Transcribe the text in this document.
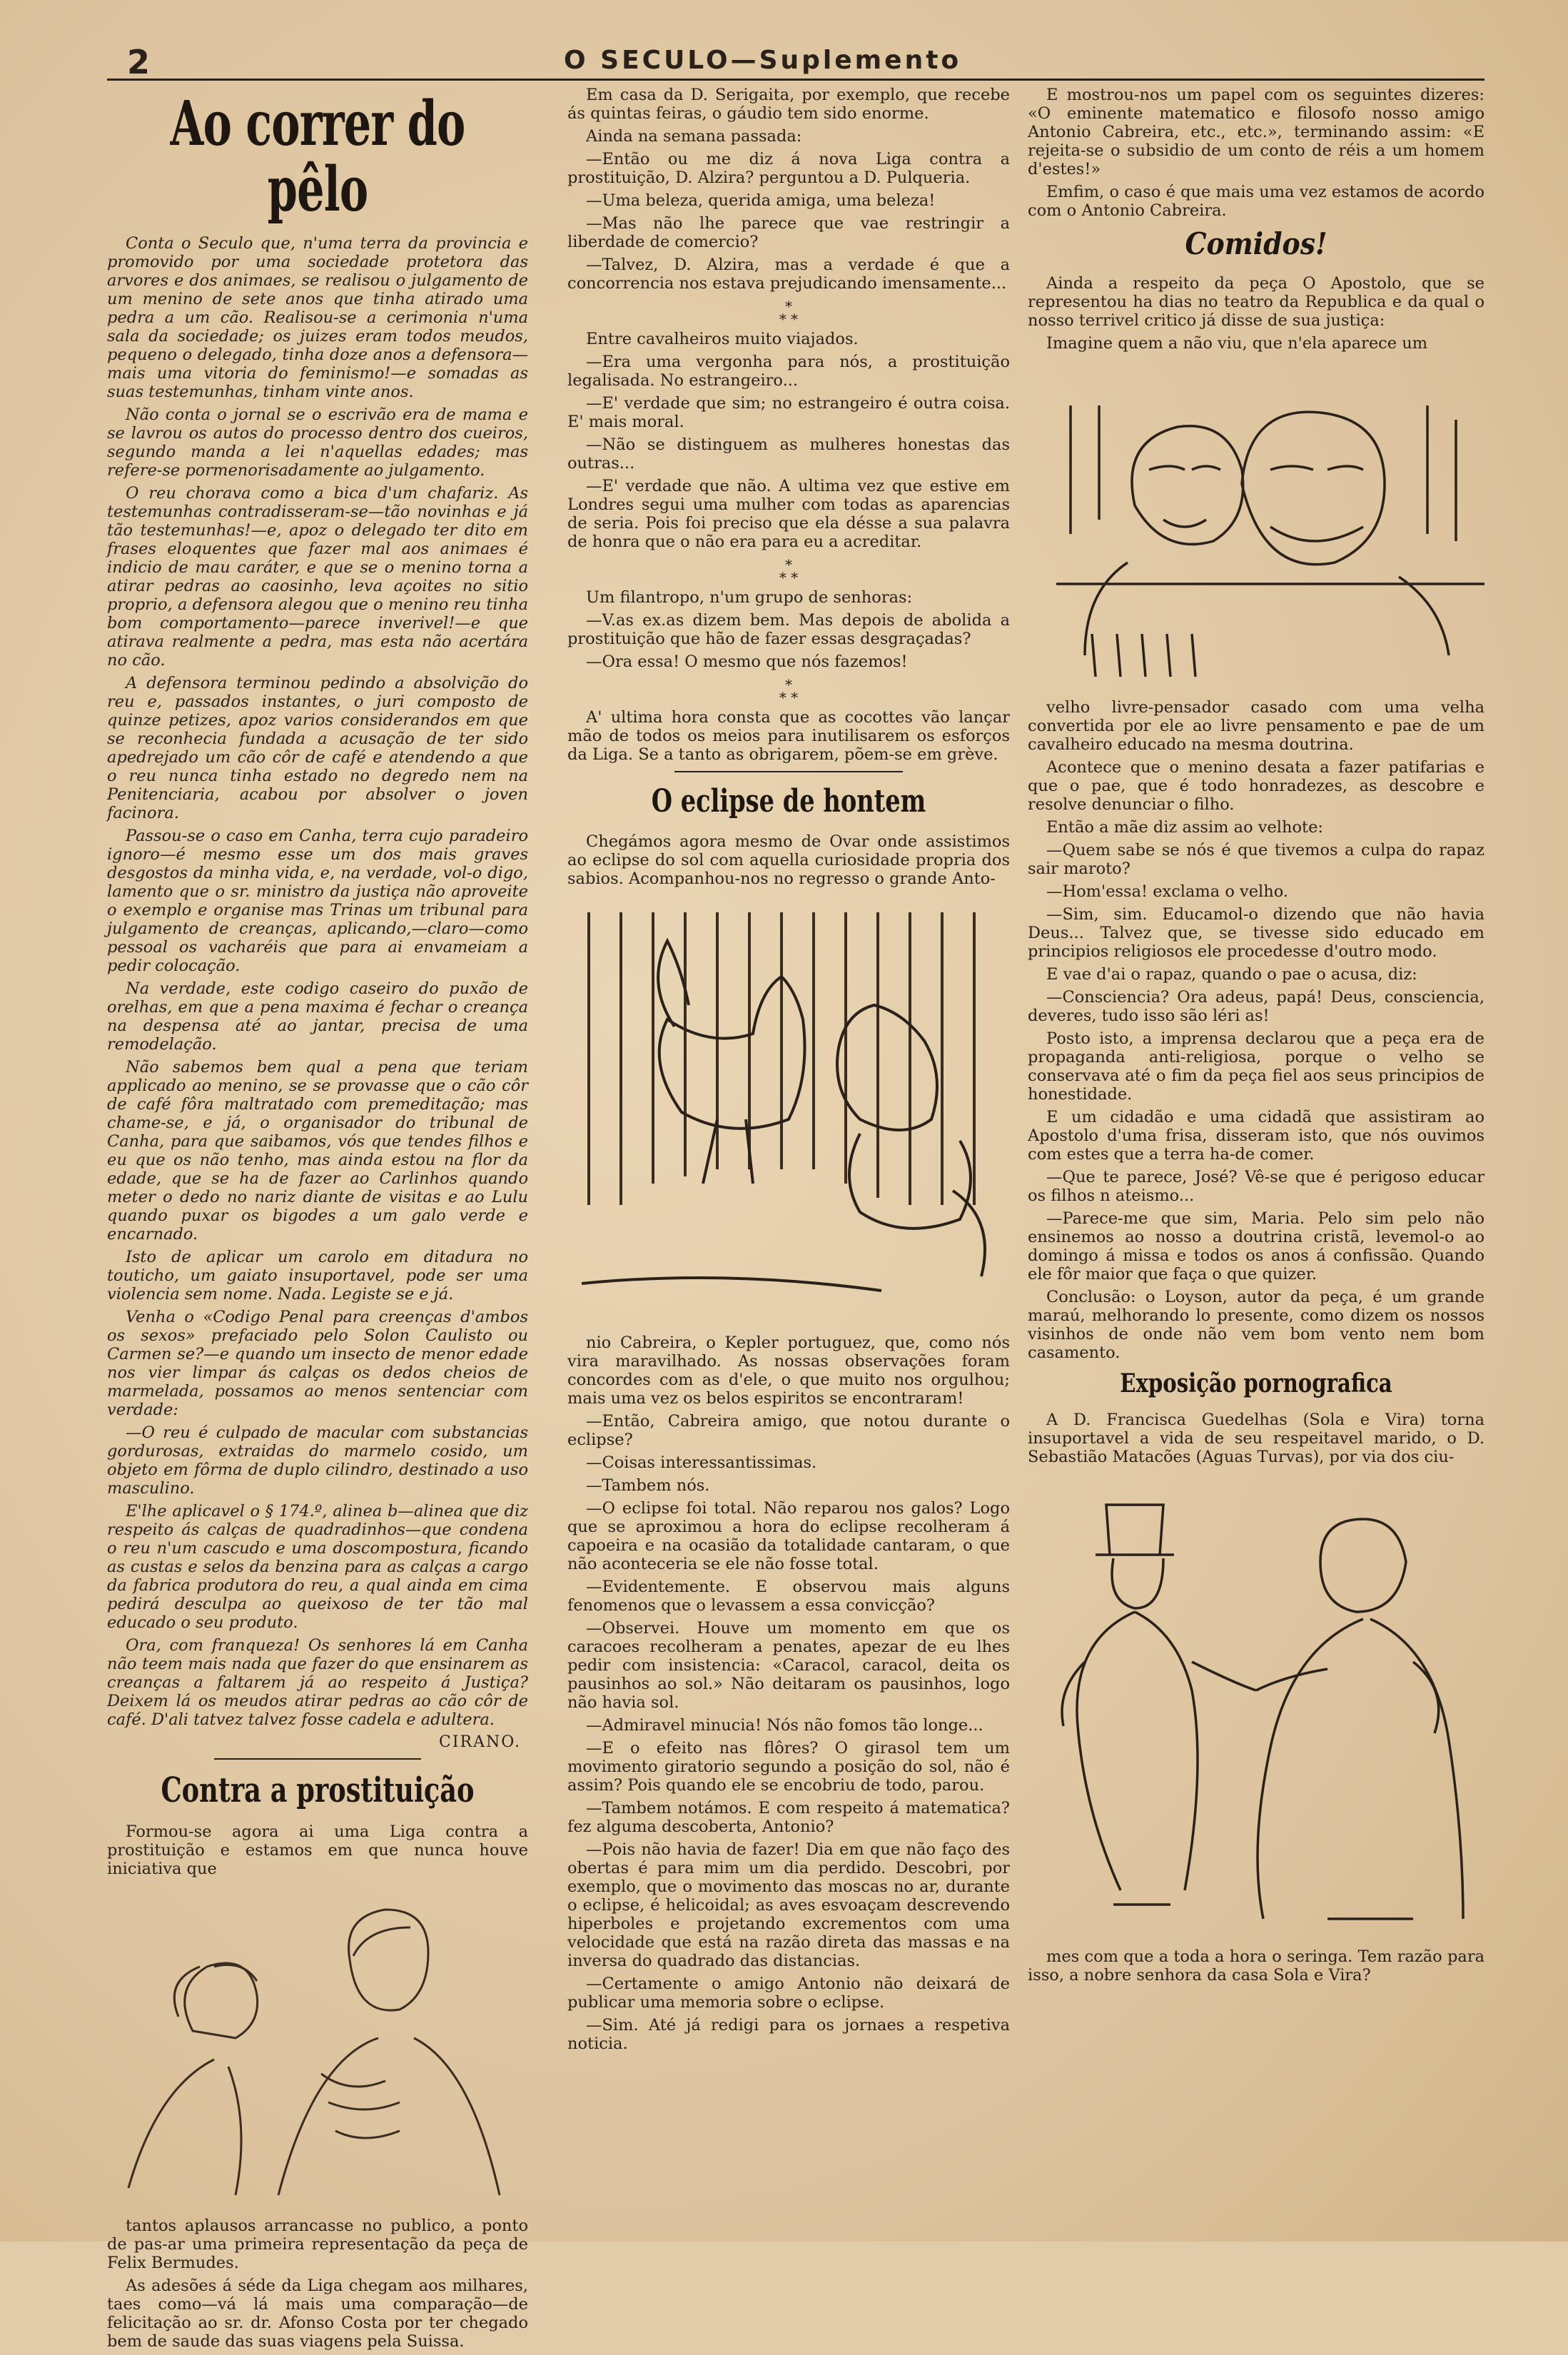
2	O SECULO—Suplemento
Ao correr do pêlo

Conta o Seculo que, n'uma terra da provincia e promovido por uma sociedade protetora das arvores e dos animaes, se realisou o julgamento de um menino de sete anos que tinha atirado uma pedra a um cão. Realisou-se a cerimonia n'uma sala da sociedade; os juizes eram todos meudos, pequeno o delegado, tinha doze anos a defensora—mais uma vitoria do feminismo!—e somadas as suas testemunhas, tinham vinte anos.

Não conta o jornal se o escrivão era de mama e se lavrou os autos do processo dentro dos cueiros, segundo manda a lei n'aquellas edades; mas refere-se pormenorisadamente ao julgamento.

O reu chorava como a bica d'um chafariz. As testemunhas contradisseram-se—tão novinhas e já tão testemunhas!—e, apoz o delegado ter dito em frases eloquentes que fazer mal aos animaes é indicio de mau caráter, e que se o menino torna a atirar pedras ao caosinho, leva açoites no sitio proprio, a defensora alegou que o menino reu tinha bom comportamento—parece inverivel!—e que atirava realmente a pedra, mas esta não acertára no cão.

A defensora terminou pedindo a absolvição do reu e, passados instantes, o juri composto de quinze petizes, apoz varios considerandos em que se reconhecia fundada a acusação de ter sido apedrejado um cão côr de café e atendendo a que o reu nunca tinha estado no degredo nem na Penitenciaria, acabou por absolver o joven facinora.

Passou-se o caso em Canha, terra cujo paradeiro ignoro—é mesmo esse um dos mais graves desgostos da minha vida, e, na verdade, vol-o digo, lamento que o sr. ministro da justiça não aproveite o exemplo e organise mas Trinas um tribunal para julgamento de creanças, aplicando,—claro—como pessoal os vacharéis que para ai envameiam a pedir colocação.

Na verdade, este codigo caseiro do puxão de orelhas, em que a pena maxima é fechar o creança na despensa até ao jantar, precisa de uma remodelação.

Não sabemos bem qual a pena que teriam applicado ao menino, se se provasse que o cão côr de café fôra maltratado com premeditação; mas chame-se, e já, o organisador do tribunal de Canha, para que saibamos, vós que tendes filhos e eu que os não tenho, mas ainda estou na flor da edade, que se ha de fazer ao Carlinhos quando meter o dedo no nariz diante de visitas e ao Lulu quando puxar os bigodes a um galo verde e encarnado.

Isto de aplicar um carolo em ditadura no touticho, um gaiato insuportavel, pode ser uma violencia sem nome. Nada. Legiste se e já.

Venha o «Codigo Penal para creenças d'ambos os sexos» prefaciado pelo Solon Caulisto ou Carmen se?—e quando um insecto de menor edade nos vier limpar ás calças os dedos cheios de marmelada, possamos ao menos sentenciar com verdade:

—O reu é culpado de macular com substancias gordurosas, extraidas do marmelo cosido, um objeto em fôrma de duplo cilindro, destinado a uso masculino.

E'lhe aplicavel o § 174.º, alinea b—alinea que diz respeito ás calças de quadradinhos—que condena o reu n'um cascudo e uma doscompostura, ficando as custas e selos da benzina para as calças a cargo da fabrica produtora do reu, a qual ainda em cima pedirá desculpa ao queixoso de ter tão mal educado o seu produto.

Ora, com franqueza! Os senhores lá em Canha não teem mais nada que fazer do que ensinarem as creanças a faltarem já ao respeito á Justiça? Deixem lá os meudos atirar pedras ao cão côr de café. D'ali tatvez talvez fosse cadela e adultera.

CIRANO.
Contra a prostituição

Formou-se agora ai uma Liga contra a prostituição e estamos em que nunca houve iniciativa que

tantos aplausos arrancasse no publico, a ponto de pas-ar uma primeira representação da peça de Felix Bermudes.

As adesões á séde da Liga chegam aos milhares, taes como—vá lá mais uma comparação—de felicitação ao sr. dr. Afonso Costa por ter chegado bem de saude das suas viagens pela Suissa.

Em casa da D. Serigaita, por exemplo, que recebe ás quintas feiras, o gáudio tem sido enorme.

Ainda na semana passada:

—Então ou me diz á nova Liga contra a prostituição, D. Alzira? perguntou a D. Pulqueria.

—Uma beleza, querida amiga, uma beleza!

—Mas não lhe parece que vae restringir a liberdade de comercio?

—Talvez, D. Alzira, mas a verdade é que a concorrencia nos estava prejudicando imensamente...

*
* *

Entre cavalheiros muito viajados.

—Era uma vergonha para nós, a prostituição legalisada. No estrangeiro...

—E' verdade que sim; no estrangeiro é outra coisa. E' mais moral.

—Não se distinguem as mulheres honestas das outras...

—E' verdade que não. A ultima vez que estive em Londres segui uma mulher com todas as aparencias de seria. Pois foi preciso que ela désse a sua palavra de honra que o não era para eu a acreditar.

*
* *

Um filantropo, n'um grupo de senhoras:

—V.as ex.as dizem bem. Mas depois de abolida a prostituição que hão de fazer essas desgraçadas?

—Ora essa! O mesmo que nós fazemos!

*
* *

A' ultima hora consta que as cocottes vão lançar mão de todos os meios para inutilisarem os esforços da Liga. Se a tanto as obrigarem, põem-se em grève.

O eclipse de hontem

Chegámos agora mesmo de Ovar onde assistimos ao eclipse do sol com aquella curiosidade propria dos sabios. Acompanhou-nos no regresso o grande Anto-

nio Cabreira, o Kepler portuguez, que, como nós vira maravilhado. As nossas observações foram concordes com as d'ele, o que muito nos orgulhou; mais uma vez os belos espiritos se encontraram!

—Então, Cabreira amigo, que notou durante o eclipse?

—Coisas interessantissimas.

—Tambem nós.

—O eclipse foi total. Não reparou nos galos? Logo que se aproximou a hora do eclipse recolheram á capoeira e na ocasião da totalidade cantaram, o que não aconteceria se ele não fosse total.

—Evidentemente. E observou mais alguns fenomenos que o levassem a essa convicção?

—Observei. Houve um momento em que os caracoes recolheram a penates, apezar de eu lhes pedir com insistencia: «Caracol, caracol, deita os pausinhos ao sol.» Não deitaram os pausinhos, logo não havia sol.

—Admiravel minucia! Nós não fomos tão longe...

—E o efeito nas flôres? O girasol tem um movimento giratorio segundo a posição do sol, não é assim? Pois quando ele se encobriu de todo, parou.

—Tambem notámos. E com respeito á matematica? fez alguma descoberta, Antonio?

—Pois não havia de fazer! Dia em que não faço des obertas é para mim um dia perdido. Descobri, por exemplo, que o movimento das moscas no ar, durante o eclipse, é helicoidal; as aves esvoaçam descrevendo hiperboles e projetando excrementos com uma velocidade que está na razão direta das massas e na inversa do quadrado das distancias.

—Certamente o amigo Antonio não deixará de publicar uma memoria sobre o eclipse.

—Sim. Até já redigi para os jornaes a respetiva noticia.

E mostrou-nos um papel com os seguintes dizeres: «O eminente matematico e filosofo nosso amigo Antonio Cabreira, etc., etc.», terminando assim: «E rejeita-se o subsidio de um conto de réis a um homem d'estes!»

Emfim, o caso é que mais uma vez estamos de acordo com o Antonio Cabreira.

Comidos!

Ainda a respeito da peça O Apostolo, que se representou ha dias no teatro da Republica e da qual o nosso terrivel critico já disse de sua justiça:

Imagine quem a não viu, que n'ela aparece um

velho livre-pensador casado com uma velha convertida por ele ao livre pensamento e pae de um cavalheiro educado na mesma doutrina.

Acontece que o menino desata a fazer patifarias e que o pae, que é todo honradezes, as descobre e resolve denunciar o filho.

Então a mãe diz assim ao velhote:

—Quem sabe se nós é que tivemos a culpa do rapaz sair maroto?

—Hom'essa! exclama o velho.

—Sim, sim. Educamol-o dizendo que não havia Deus... Talvez que, se tivesse sido educado em principios religiosos ele procedesse d'outro modo.

E vae d'ai o rapaz, quando o pae o acusa, diz:

—Consciencia? Ora adeus, papá! Deus, consciencia, deveres, tudo isso são léri as!

Posto isto, a imprensa declarou que a peça era de propaganda anti-religiosa, porque o velho se conservava até o fim da peça fiel aos seus principios de honestidade.

E um cidadão e uma cidadã que assistiram ao Apostolo d'uma frisa, disseram isto, que nós ouvimos com estes que a terra ha-de comer.

—Que te parece, José? Vê-se que é perigoso educar os filhos n ateismo...

—Parece-me que sim, Maria. Pelo sim pelo não ensinemos ao nosso a doutrina cristã, levemol-o ao domingo á missa e todos os anos á confissão. Quando ele fôr maior que faça o que quizer.

Conclusão: o Loyson, autor da peça, é um grande maraú, melhorando lo presente, como dizem os nossos visinhos de onde não vem bom vento nem bom casamento.

Exposição pornografica

A D. Francisca Guedelhas (Sola e Vira) torna insuportavel a vida de seu respeitavel marido, o D. Sebastião Matacões (Aguas Turvas), por via dos ciu-

mes com que a toda a hora o seringa. Tem razão para isso, a nobre senhora da casa Sola e Vira?
